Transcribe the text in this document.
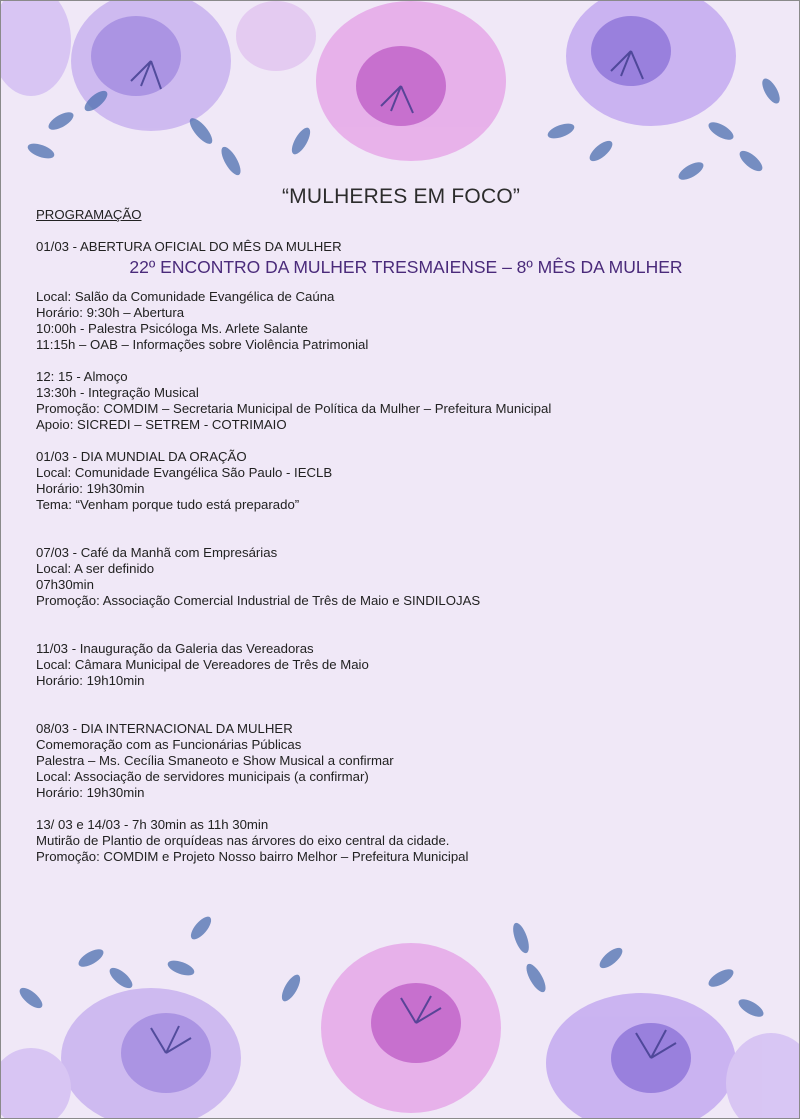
“MULHERES EM FOCO”

PROGRAMAÇÃO

01/03 - ABERTURA OFICIAL DO MÊS DA MULHER

22º ENCONTRO DA MULHER TRESMAIENSE – 8º MÊS DA MULHER

Local: Salão da Comunidade Evangélica de Caúna

Horário: 9:30h – Abertura

10:00h - Palestra Psicóloga Ms. Arlete Salante

11:15h – OAB – Informações sobre Violência Patrimonial

12: 15 - Almoço

13:30h - Integração Musical

Promoção: COMDIM – Secretaria Municipal de Política da Mulher – Prefeitura Municipal

Apoio: SICREDI – SETREM - COTRIMAIO

01/03 - DIA MUNDIAL DA ORAÇÃO

Local: Comunidade Evangélica São Paulo - IECLB

Horário: 19h30min

Tema: “Venham porque tudo está preparado”

07/03 - Café da Manhã com Empresárias

Local: A ser definido

07h30min

Promoção: Associação Comercial Industrial de Três de Maio e SINDILOJAS

11/03 - Inauguração da Galeria das Vereadoras

Local: Câmara Municipal de Vereadores de Três de Maio

Horário: 19h10min

08/03 - DIA INTERNACIONAL DA MULHER

Comemoração com as Funcionárias Públicas

Palestra – Ms. Cecília Smaneoto e Show Musical a confirmar

Local: Associação de servidores municipais (a confirmar)

Horário: 19h30min

13/ 03 e 14/03 - 7h 30min as 11h 30min

Mutirão de Plantio de orquídeas nas árvores do eixo central da cidade.

Promoção: COMDIM e Projeto Nosso bairro Melhor – Prefeitura Municipal
